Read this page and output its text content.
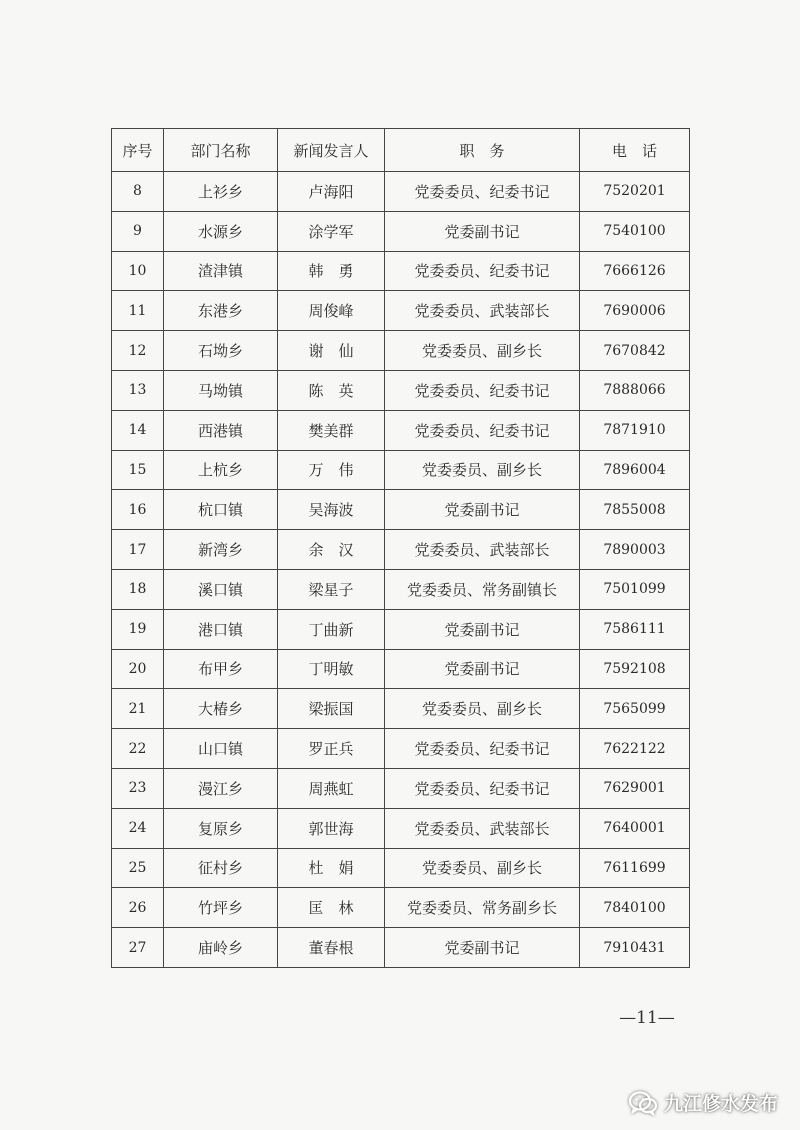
序号	部门名称	新闻发言人	职　务	电　话
8	上衫乡	卢海阳	党委委员、纪委书记	7520201
9	水源乡	涂学军	党委副书记	7540100
10	渣津镇	韩　勇	党委委员、纪委书记	7666126
11	东港乡	周俊峰	党委委员、武装部长	7690006
12	石坳乡	谢　仙	党委委员、副乡长	7670842
13	马坳镇	陈　英	党委委员、纪委书记	7888066
14	西港镇	樊美群	党委委员、纪委书记	7871910
15	上杭乡	万　伟	党委委员、副乡长	7896004
16	杭口镇	吴海波	党委副书记	7855008
17	新湾乡	余　汉	党委委员、武装部长	7890003
18	溪口镇	梁星子	党委委员、常务副镇长	7501099
19	港口镇	丁曲新	党委副书记	7586111
20	布甲乡	丁明敏	党委副书记	7592108
21	大椿乡	梁振国	党委委员、副乡长	7565099
22	山口镇	罗正兵	党委委员、纪委书记	7622122
23	漫江乡	周燕虹	党委委员、纪委书记	7629001
24	复原乡	郭世海	党委委员、武装部长	7640001
25	征村乡	杜　娟	党委委员、副乡长	7611699
26	竹坪乡	匡　林	党委委员、常务副乡长	7840100
27	庙岭乡	董春根	党委副书记	7910431
—11—
九江修水发布
